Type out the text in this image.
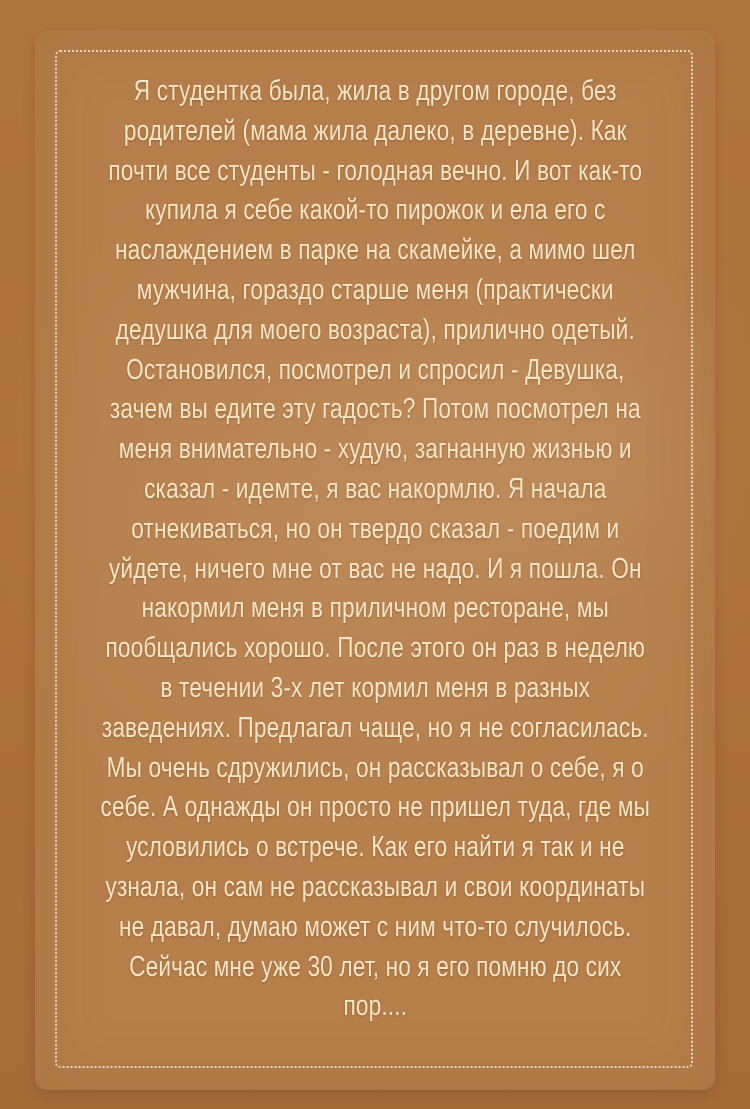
Я студентка была, жила в другом городе, без
родителей (мама жила далеко, в деревне). Как
почти все студенты - голодная вечно. И вот как-то
купила я себе какой-то пирожок и ела его с
наслаждением в парке на скамейке, а мимо шел
мужчина, гораздо старше меня (практически
дедушка для моего возраста), прилично одетый.
Остановился, посмотрел и спросил - Девушка,
зачем вы едите эту гадость? Потом посмотрел на
меня внимательно - худую, загнанную жизнью и
сказал - идемте, я вас накормлю. Я начала
отнекиваться, но он твердо сказал - поедим и
уйдете, ничего мне от вас не надо. И я пошла. Он
накормил меня в приличном ресторане, мы
пообщались хорошо. После этого он раз в неделю
в течении 3-х лет кормил меня в разных
заведениях. Предлагал чаще, но я не согласилась.
Мы очень сдружились, он рассказывал о себе, я о
себе. А однажды он просто не пришел туда, где мы
условились о встрече. Как его найти я так и не
узнала, он сам не рассказывал и свои координаты
не давал, думаю может с ним что-то случилось.
Сейчас мне уже 30 лет, но я его помню до сих
пор....
